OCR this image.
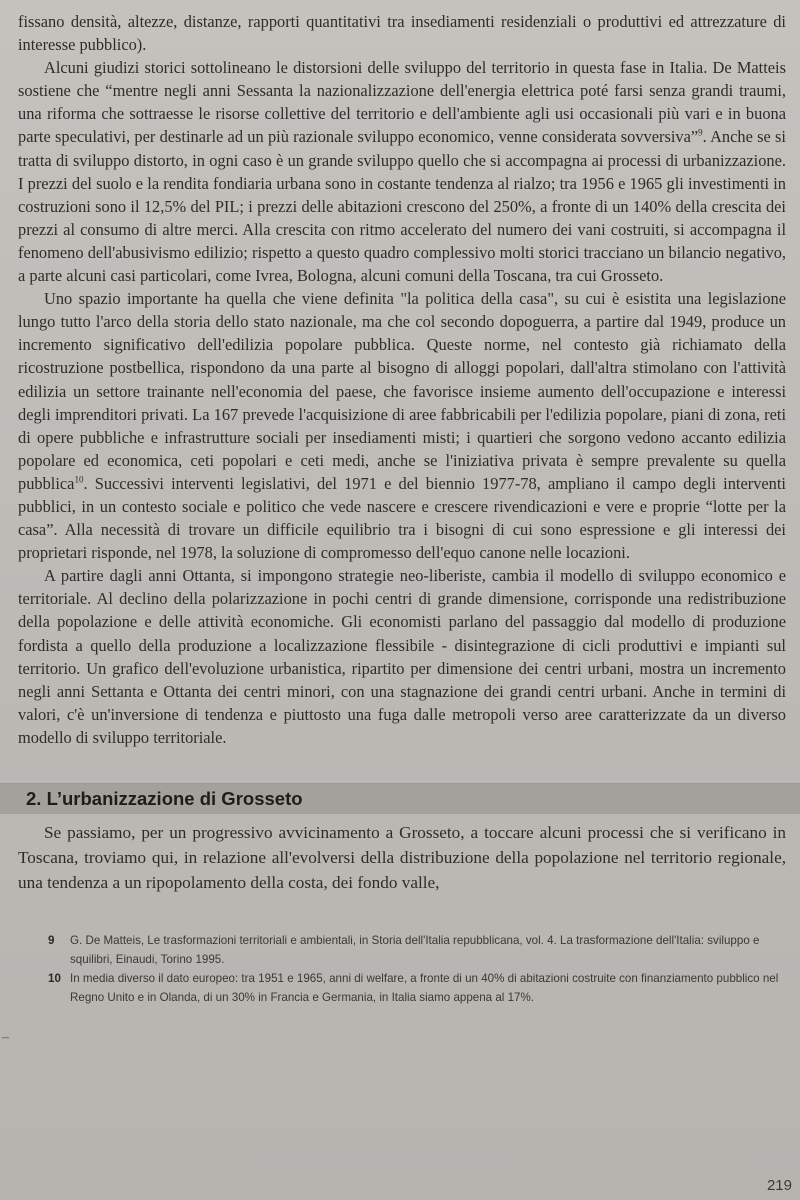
fissano densità, altezze, distanze, rapporti quantitativi tra insediamenti residenziali o produttivi ed attrezzature di interesse pubblico).

Alcuni giudizi storici sottolineano le distorsioni delle sviluppo del territorio in questa fase in Italia. De Matteis sostiene che “mentre negli anni Sessanta la nazionalizzazione dell'energia elettrica poté farsi senza grandi traumi, una riforma che sottraesse le risorse collettive del territorio e dell'ambiente agli usi occasionali più vari e in buona parte speculativi, per destinarle ad un più razionale sviluppo economico, venne considerata sovversiva”$^9$. Anche se si tratta di sviluppo distorto, in ogni caso è un grande sviluppo quello che si accompagna ai processi di urbanizzazione. I prezzi del suolo e la rendita fondiaria urbana sono in costante tendenza al rialzo; tra 1956 e 1965 gli investimenti in costruzioni sono il 12,5% del PIL; i prezzi delle abitazioni crescono del 250%, a fronte di un 140% della crescita dei prezzi al consumo di altre merci. Alla crescita con ritmo accelerato del numero dei vani costruiti, si accompagna il fenomeno dell'abusivismo edilizio; rispetto a questo quadro complessivo molti storici tracciano un bilancio negativo, a parte alcuni casi particolari, come Ivrea, Bologna, alcuni comuni della Toscana, tra cui Grosseto.

Uno spazio importante ha quella che viene definita "la politica della casa", su cui è esistita una legislazione lungo tutto l'arco della storia dello stato nazionale, ma che col secondo dopoguerra, a partire dal 1949, produce un incremento significativo dell'edilizia popolare pubblica. Queste norme, nel contesto già richiamato della ricostruzione postbellica, rispondono da una parte al bisogno di alloggi popolari, dall'altra stimolano con l'attività edilizia un settore trainante nell'economia del paese, che favorisce insieme aumento dell'occupazione e interessi degli imprenditori privati. La 167 prevede l'acquisizione di aree fabbricabili per l'edilizia popolare, piani di zona, reti di opere pubbliche e infrastrutture sociali per insediamenti misti; i quartieri che sorgono vedono accanto edilizia popolare ed economica, ceti popolari e ceti medi, anche se l'iniziativa privata è sempre prevalente su quella pubblica$^{10}$. Successivi interventi legislativi, del 1971 e del biennio 1977-78, ampliano il campo degli interventi pubblici, in un contesto sociale e politico che vede nascere e crescere rivendicazioni e vere e proprie “lotte per la casa”. Alla necessità di trovare un difficile equilibrio tra i bisogni di cui sono espressione e gli interessi dei proprietari risponde, nel 1978, la soluzione di compromesso dell'equo canone nelle locazioni.

A partire dagli anni Ottanta, si impongono strategie neo-liberiste, cambia il modello di sviluppo economico e territoriale. Al declino della polarizzazione in pochi centri di grande dimensione, corrisponde una redistribuzione della popolazione e delle attività economiche. Gli economisti parlano del passaggio dal modello di produzione fordista a quello della produzione a localizzazione flessibile - disintegrazione di cicli produttivi e impianti sul territorio. Un grafico dell'evoluzione urbanistica, ripartito per dimensione dei centri urbani, mostra un incremento negli anni Settanta e Ottanta dei centri minori, con una stagnazione dei grandi centri urbani. Anche in termini di valori, c'è un'inversione di tendenza e piuttosto una fuga dalle metropoli verso aree caratterizzate da un diverso modello di sviluppo territoriale.

2. L’urbanizzazione di Grosseto

Se passiamo, per un progressivo avvicinamento a Grosseto, a toccare alcuni processi che si verificano in Toscana, troviamo qui, in relazione all'evolversi della distribuzione della popolazione nel territorio regionale, una tendenza a un ripopolamento della costa, dei fondo valle,

9	G. De Matteis, Le trasformazioni territoriali e ambientali, in Storia dell'Italia repubblicana, vol. 4. La trasformazione dell'Italia: sviluppo e squilibri, Einaudi, Torino 1995.
10 In media diverso il dato europeo: tra 1951 e 1965, anni di welfare, a fronte di un 40% di abitazioni costruite con finanziamento pubblico nel Regno Unito e in Olanda, di un 30% in Francia e Germania, in Italia siamo appena al 17%.
–
219
